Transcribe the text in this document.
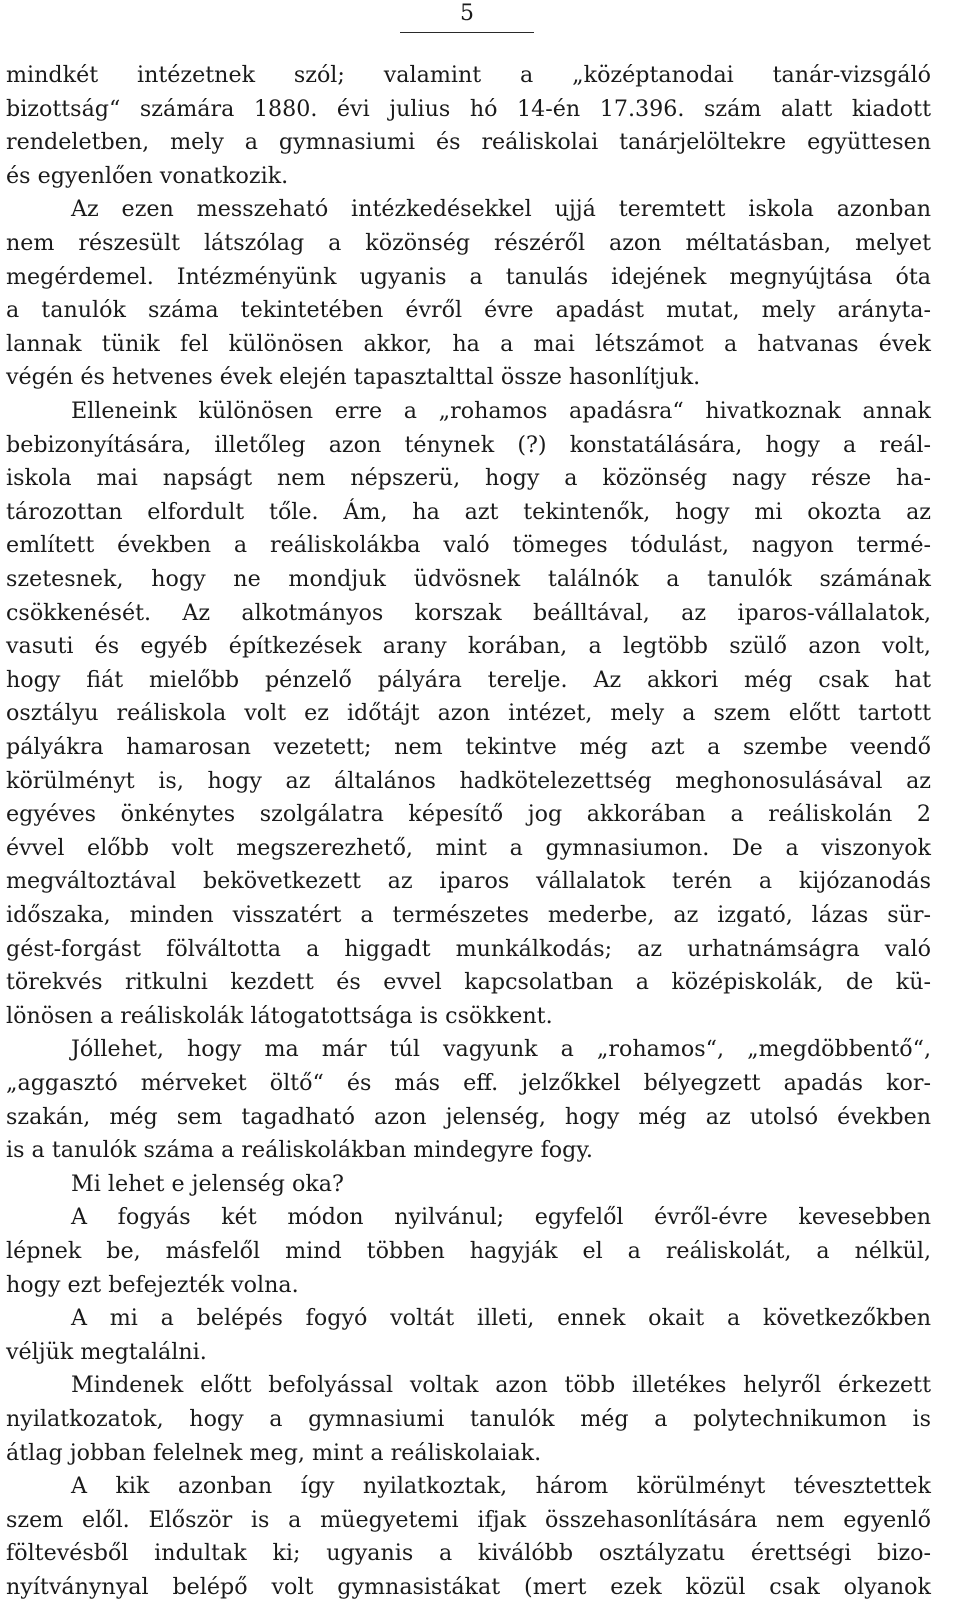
5
mindkét intézetnek szól; valamint a „középtanodai tanár-vizsgáló
bizottság“ számára 1880. évi julius hó 14-én 17.396. szám alatt kiadott
rendeletben, mely a gymnasiumi és reáliskolai tanárjelöltekre együttesen
és egyenlően vonatkozik.
Az ezen messzeható intézkedésekkel ujjá teremtett iskola azonban
nem részesült látszólag a közönség részéről azon méltatásban, melyet
megérdemel. Intézményünk ugyanis a tanulás idejének megnyújtása óta
a tanulók száma tekintetében évről évre apadást mutat, mely arányta-
lannak tünik fel különösen akkor, ha a mai létszámot a hatvanas évek
végén és hetvenes évek elején tapasztalttal össze hasonlítjuk.
Elleneink különösen erre a „rohamos apadásra“ hivatkoznak annak
bebizonyítására, illetőleg azon ténynek (?) konstatálására, hogy a reál-
iskola mai napságt nem népszerü, hogy a közönség nagy része ha-
tározottan elfordult tőle. Ám, ha azt tekintenők, hogy mi okozta az
említett években a reáliskolákba való tömeges tódulást, nagyon termé-
szetesnek, hogy ne mondjuk üdvösnek találnók a tanulók számának
csökkenését. Az alkotmányos korszak beálltával, az iparos-vállalatok,
vasuti és egyéb építkezések arany korában, a legtöbb szülő azon volt,
hogy fiát mielőbb pénzelő pályára terelje. Az akkori még csak hat
osztályu reáliskola volt ez időtájt azon intézet, mely a szem előtt tartott
pályákra hamarosan vezetett; nem tekintve még azt a szembe veendő
körülményt is, hogy az általános hadkötelezettség meghonosulásával az
egyéves önkénytes szolgálatra képesítő jog akkorában a reáliskolán 2
évvel előbb volt megszerezhető, mint a gymnasiumon. De a viszonyok
megváltoztával bekövetkezett az iparos vállalatok terén a kijózanodás
időszaka, minden visszatért a természetes mederbe, az izgató, lázas sür-
gést-forgást fölváltotta a higgadt munkálkodás; az urhatnámságra való
törekvés ritkulni kezdett és evvel kapcsolatban a középiskolák, de kü-
lönösen a reáliskolák látogatottsága is csökkent.
Jóllehet, hogy ma már túl vagyunk a „rohamos“, „megdöbbentő“,
„aggasztó mérveket öltő“ és más eff. jelzőkkel bélyegzett apadás kor-
szakán, még sem tagadható azon jelenség, hogy még az utolsó években
is a tanulók száma a reáliskolákban mindegyre fogy.
Mi lehet e jelenség oka?
A fogyás két módon nyilvánul; egyfelől évről-évre kevesebben
lépnek be, másfelől mind többen hagyják el a reáliskolát, a nélkül,
hogy ezt befejezték volna.
A mi a belépés fogyó voltát illeti, ennek okait a következőkben
véljük megtalálni.
Mindenek előtt befolyással voltak azon több illetékes helyről érkezett
nyilatkozatok, hogy a gymnasiumi tanulók még a polytechnikumon is
átlag jobban felelnek meg, mint a reáliskolaiak.
A kik azonban így nyilatkoztak, három körülményt tévesztettek
szem elől. Először is a müegyetemi ifjak összehasonlítására nem egyenlő
föltevésből indultak ki; ugyanis a kiválóbb osztályzatu érettségi bizo-
nyítványnyal belépő volt gymnasistákat (mert ezek közül csak olyanok
